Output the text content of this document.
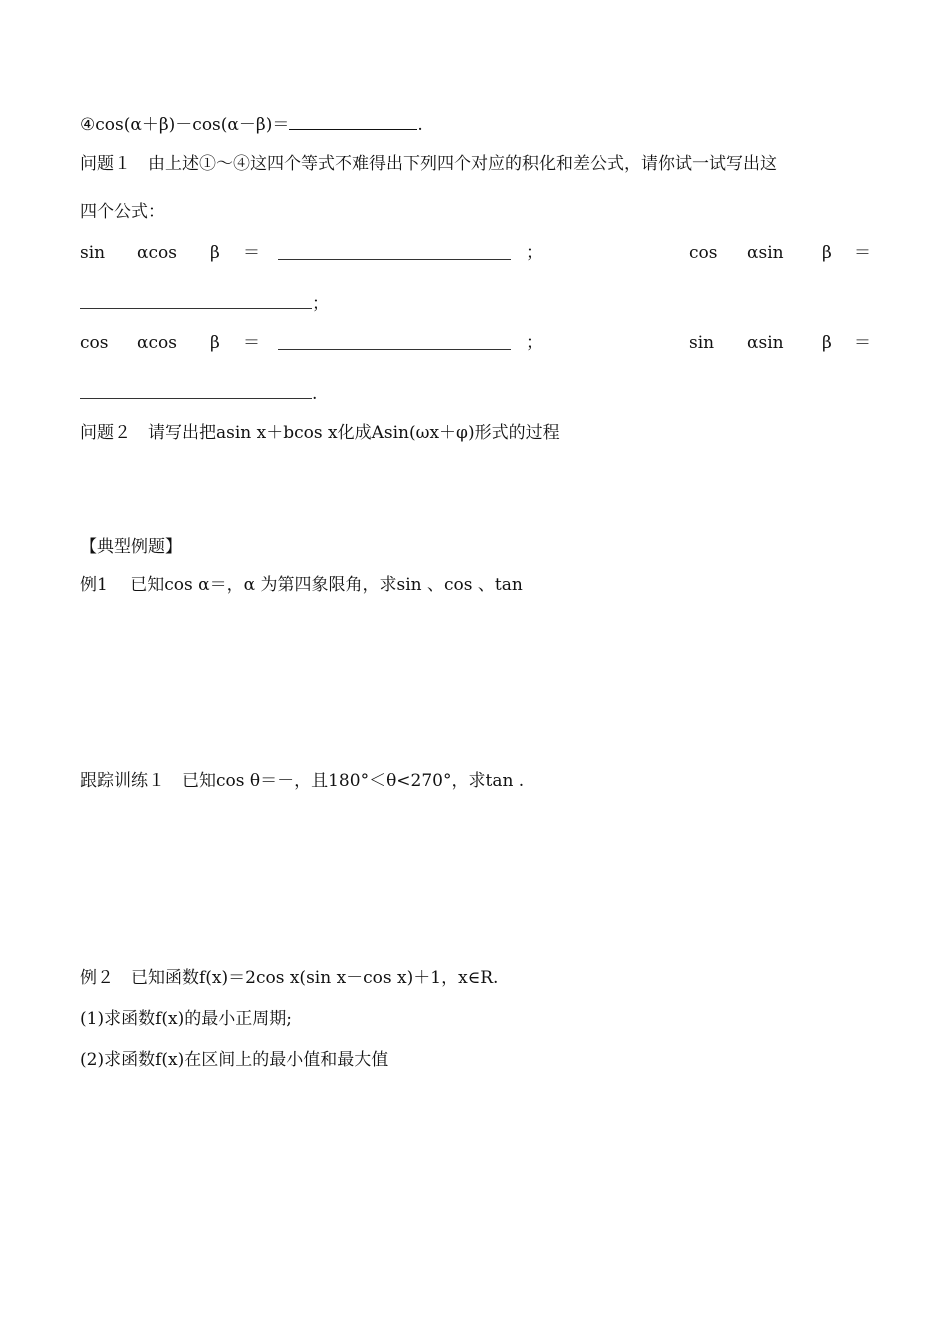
④cos(α＋β)－cos(α－β)＝	.
问题１　由上述①～④这四个等式不难得出下列四个对应的积化和差公式，请你试一试写出这
四个公式：
sin αcos β ＝	；	cos αsin β ＝
；
cos αcos β ＝	；	sin αsin β ＝
.
问题２　请写出把asin x＋bcos x化成Asin(ωx＋φ)形式的过程
【典型例题】
例1　 已知cos α＝，α 为第四象限角，求sin 、cos 、tan
跟踪训练１　已知cos θ＝－，且180°＜θ<270°，求tan .
例２　已知函数f(x)＝2cos x(sin x－cos x)＋1，x∈R.
(1)求函数f(x)的最小正周期;
(2)求函数f(x)在区间上的最小值和最大值
